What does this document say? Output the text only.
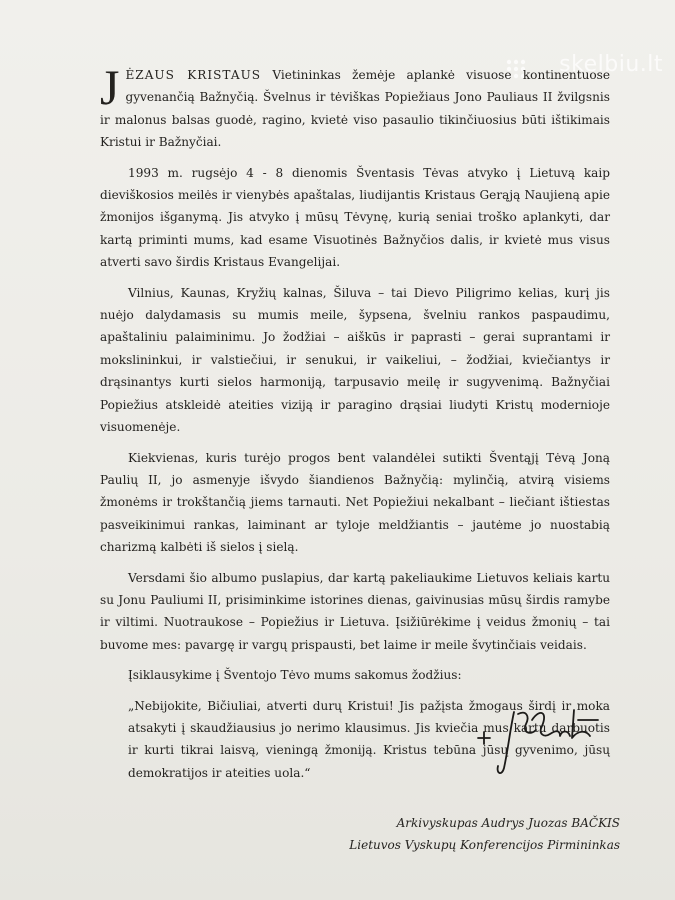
skelbiu.lt

JĖZAUS KRISTAUS Vietininkas žemėje aplankė visuose kontinentuose gyvenančią Bažnyčią. Švelnus ir tėviškas Popiežiaus Jono Pauliaus II žvilgsnis ir malonus balsas guodė, ragino, kvietė viso pasaulio tikinčiuosius būti ištikimais Kristui ir Bažnyčiai.

1993 m. rugsėjo 4 - 8 dienomis Šventasis Tėvas atvyko į Lietuvą kaip dieviškosios meilės ir vienybės apaštalas, liudijantis Kristaus Gerąją Naujieną apie žmonijos išganymą. Jis atvyko į mūsų Tėvynę, kurią seniai troško aplankyti, dar kartą priminti mums, kad esame Visuotinės Bažnyčios dalis, ir kvietė mus visus atverti savo širdis Kristaus Evangelijai.

Vilnius, Kaunas, Kryžių kalnas, Šiluva – tai Dievo Piligrimo kelias, kurį jis nuėjo dalydamasis su mumis meile, šypsena, švelniu rankos paspaudimu, apaštaliniu palaiminimu. Jo žodžiai – aiškūs ir paprasti – gerai suprantami ir mokslininkui, ir valstiečiui, ir senukui, ir vaikeliui, – žodžiai, kviečiantys ir drąsinantys kurti sielos harmoniją, tarpusavio meilę ir sugyvenimą. Bažnyčiai Popiežius atskleidė ateities viziją ir paragino drąsiai liudyti Kristų modernioje visuomenėje.

Kiekvienas, kuris turėjo progos bent valandėlei sutikti Šventąjį Tėvą Joną Paulių II, jo asmenyje išvydo šiandienos Bažnyčią: mylinčią, atvirą visiems žmonėms ir trokštančią jiems tarnauti. Net Popiežiui nekalbant – liečiant ištiestas pasveikinimui rankas, laiminant ar tyloje meldžiantis – jautėme jo nuostabią charizmą kalbėti iš sielos į sielą.

Versdami šio albumo puslapius, dar kartą pakeliaukime Lietuvos keliais kartu su Jonu Pauliumi II, prisiminkime istorines dienas, gaivinusias mūsų širdis ramybe ir viltimi. Nuotraukose – Popiežius ir Lietuva. Įsižiūrėkime į veidus žmonių – tai buvome mes: pavargę ir vargų prispausti, bet laime ir meile švytinčiais veidais.

Įsiklausykime į Šventojo Tėvo mums sakomus žodžius:

„Nebijokite, Bičiuliai, atverti durų Kristui! Jis pažįsta žmogaus širdį ir moka atsakyti į skaudžiausius jo nerimo klausimus. Jis kviečia mus kartu darbuotis ir kurti tikrai laisvą, vieningą žmoniją. Kristus tebūna jūsų gyvenimo, jūsų demokratijos ir ateities uola.“

Arkivyskupas Audrys Juozas BAČKIS
Lietuvos Vyskupų Konferencijos Pirmininkas
